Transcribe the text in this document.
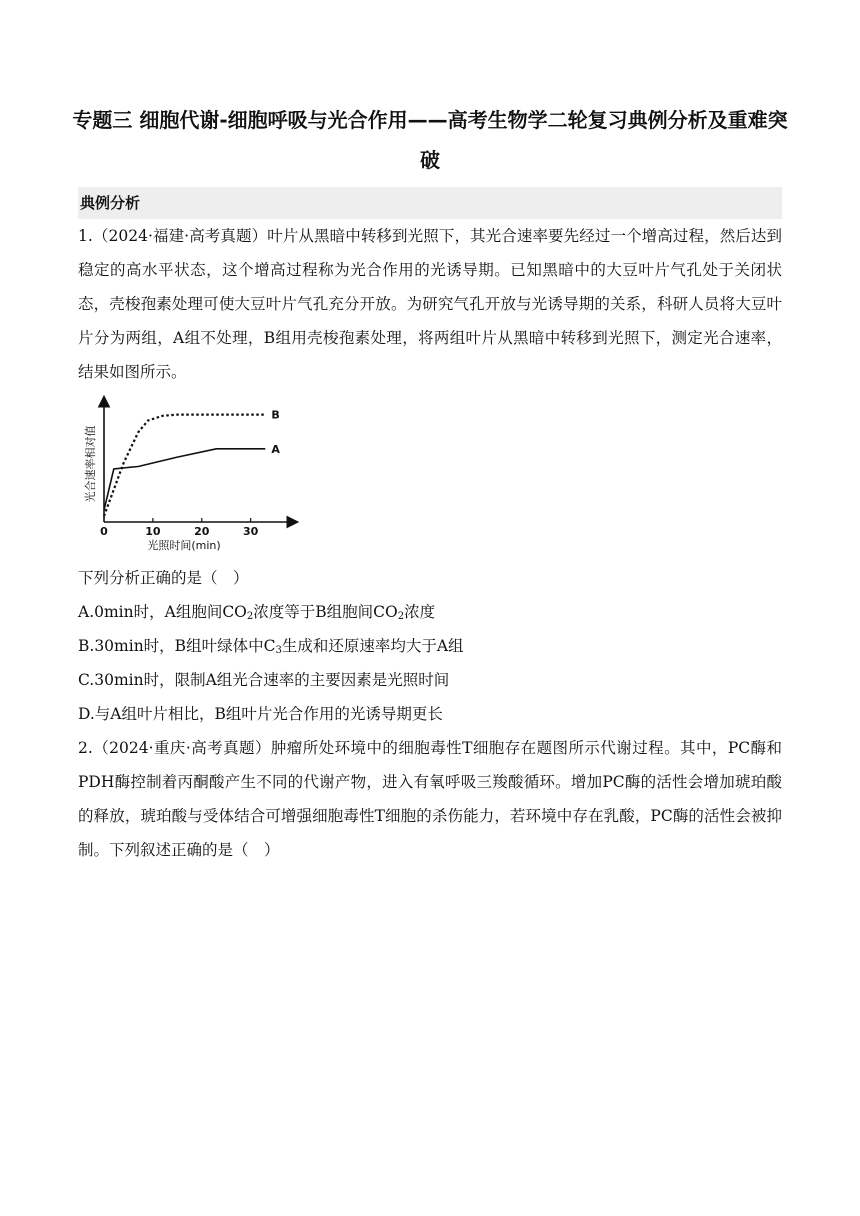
专题三 细胞代谢-细胞呼吸与光合作用——高考生物学二轮复习典例分析及重难突破
典例分析
1.（2024·福建·高考真题）叶片从黑暗中转移到光照下，其光合速率要先经过一个增高过程，然后达到稳定的高水平状态，这个增高过程称为光合作用的光诱导期。已知黑暗中的大豆叶片气孔处于关闭状态，壳梭孢素处理可使大豆叶片气孔充分开放。为研究气孔开放与光诱导期的关系，科研人员将大豆叶片分为两组，A组不处理，B组用壳梭孢素处理，将两组叶片从黑暗中转移到光照下，测定光合速率，结果如图所示。
0	10	20	30
A
B
光照时间(min)
光合速率相对值
下列分析正确的是（　）
A.0min时，A组胞间$CO_2$浓度等于B组胞间$CO_2$浓度
B.30min时，B组叶绿体中$C_3$生成和还原速率均大于A组
C.30min时，限制A组光合速率的主要因素是光照时间
D.与A组叶片相比，B组叶片光合作用的光诱导期更长
2.（2024·重庆·高考真题）肿瘤所处环境中的细胞毒性T细胞存在题图所示代谢过程。其中，PC酶和PDH酶控制着丙酮酸产生不同的代谢产物，进入有氧呼吸三羧酸循环。增加PC酶的活性会增加琥珀酸的释放，琥珀酸与受体结合可增强细胞毒性T细胞的杀伤能力，若环境中存在乳酸，PC酶的活性会被抑制。下列叙述正确的是（　）
